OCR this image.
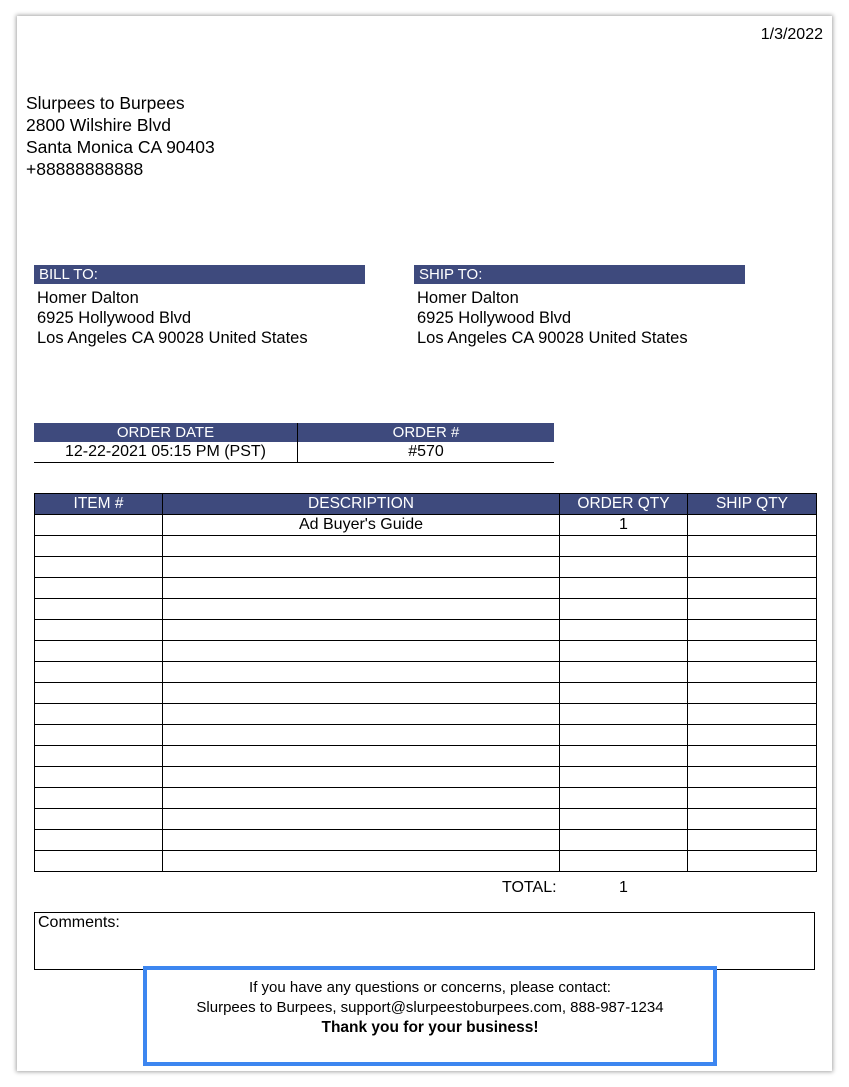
1/3/2022
Slurpees to Burpees
2800 Wilshire Blvd
Santa Monica CA 90403
+88888888888
BILL TO:
Homer Dalton
6925 Hollywood Blvd
Los Angeles CA 90028 United States
SHIP TO:
Homer Dalton
6925 Hollywood Blvd
Los Angeles CA 90028 United States
ORDER DATE	ORDER #
12-22-2021 05:15 PM (PST)	#570
ITEM #	DESCRIPTION	ORDER QTY	SHIP QTY
	Ad Buyer's Guide	1	

TOTAL:	1
Comments:
If you have any questions or concerns, please contact:
Slurpees to Burpees, support@slurpeestoburpees.com, 888-987-1234
Thank you for your business!
